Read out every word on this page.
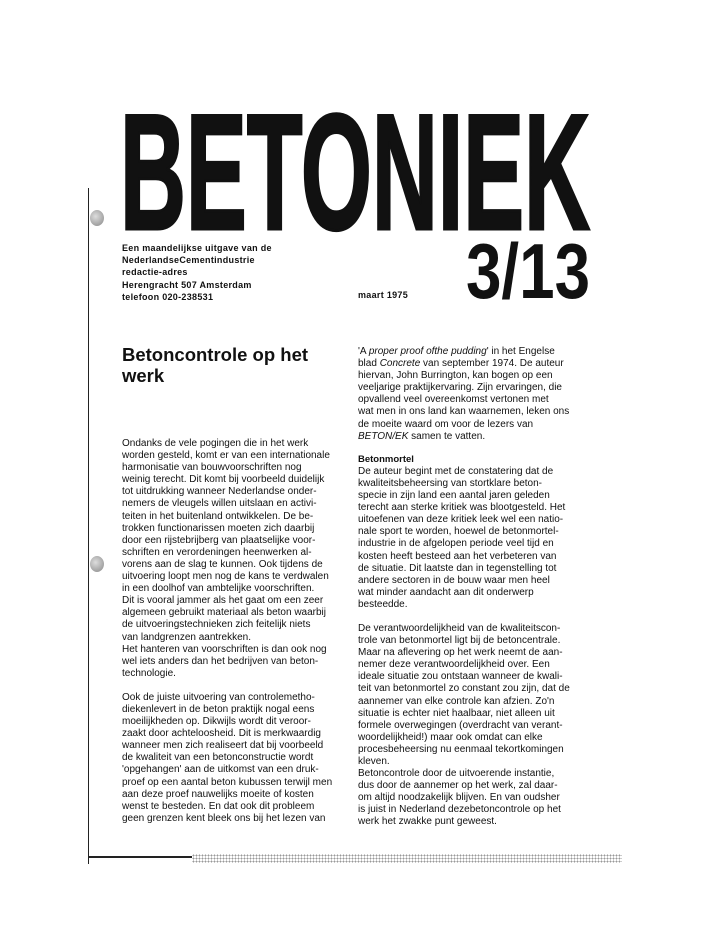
BETONIEK
Een maandelijkse uitgave van de
NederlandseCementindustrie
redactie-adres
Herengracht 507 Amsterdam
telefoon 020-238531	maart 1975 3/13
Betoncontrole op het werk

Ondanks de vele pogingen die in het werk
worden gesteld, komt er van een internationale
harmonisatie van bouwvoorschriften nog
weinig terecht. Dit komt bij voorbeeld duidelijk
tot uitdrukking wanneer Nederlandse onder-
nemers de vleugels willen uitslaan en activi-
teiten in het buitenland ontwikkelen. De be-
trokken functionarissen moeten zich daarbij
door een rijstebrijberg van plaatselijke voor-
schriften en verordeningen heenwerken al-
vorens aan de slag te kunnen. Ook tijdens de
uitvoering loopt men nog de kans te verdwalen
in een doolhof van ambtelijke voorschriften.
Dit is vooral jammer als het gaat om een zeer
algemeen gebruikt materiaal als beton waarbij
de uitvoeringstechnieken zich feitelijk niets
van landgrenzen aantrekken.
Het hanteren van voorschriften is dan ook nog
wel iets anders dan het bedrijven van beton-
technologie.

Ook de juiste uitvoering van controlemetho-
diekenlevert in de beton praktijk nogal eens
moeilijkheden op. Dikwijls wordt dit veroor-
zaakt door achteloosheid. Dit is merkwaardig
wanneer men zich realiseert dat bij voorbeeld
de kwaliteit van een betonconstructie wordt
'opgehangen' aan de uitkomst van een druk-
proef op een aantal beton kubussen terwijl men
aan deze proef nauwelijks moeite of kosten
wenst te besteden. En dat ook dit probleem
geen grenzen kent bleek ons bij het lezen van

'A proper proof ofthe pudding' in het Engelse
blad Concrete van september 1974. De auteur
hiervan, John Burrington, kan bogen op een
veeljarige praktijkervaring. Zijn ervaringen, die
opvallend veel overeenkomst vertonen met
wat men in ons land kan waarnemen, leken ons
de moeite waard om voor de lezers van
BETON/EK samen te vatten.

Betonmortel

De auteur begint met de constatering dat de
kwaliteitsbeheersing van stortklare beton-
specie in zijn land een aantal jaren geleden
terecht aan sterke kritiek was blootgesteld. Het
uitoefenen van deze kritiek leek wel een natio-
nale sport te worden, hoewel de betonmortel-
industrie in de afgelopen periode veel tijd en
kosten heeft besteed aan het verbeteren van
de situatie. Dit laatste dan in tegenstelling tot
andere sectoren in de bouw waar men heel
wat minder aandacht aan dit onderwerp
besteedde.

De verantwoordelijkheid van de kwaliteitscon-
trole van betonmortel ligt bij de betoncentrale.
Maar na aflevering op het werk neemt de aan-
nemer deze verantwoordelijkheid over. Een
ideale situatie zou ontstaan wanneer de kwali-
teit van betonmortel zo constant zou zijn, dat de
aannemer van elke controle kan afzien. Zo'n
situatie is echter niet haalbaar, niet alleen uit
formele overwegingen (overdracht van verant-
woordelijkheid!) maar ook omdat can elke
procesbeheersing nu eenmaal tekortkomingen
kleven.
Betoncontrole door de uitvoerende instantie,
dus door de aannemer op het werk, zal daar-
om altijd noodzakelijk blijven. En van oudsher
is juist in Nederland dezebetoncontrole op het
werk het zwakke punt geweest.
